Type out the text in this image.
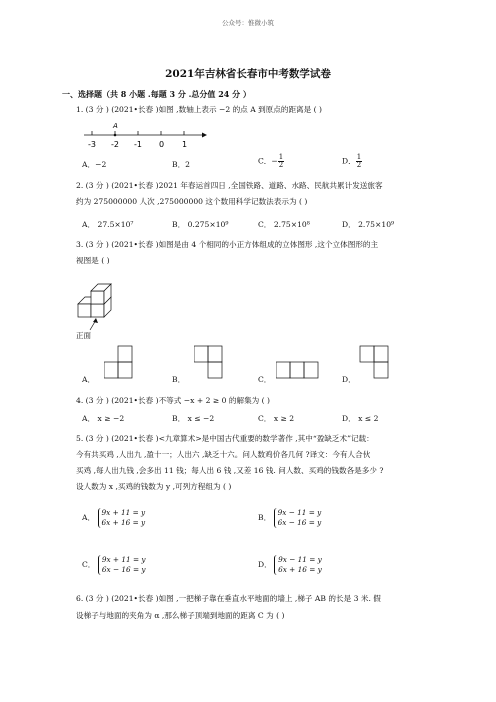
公众号：惟微小筑
2021年吉林省长春市中考数学试卷
一、选择题（共 8 小题 .每题 3 分 .总分值 24 分 ）
1. (3 分 ) (2021•长春 )如图 ,数轴上表示 −2 的点 A 到原点的距离是 ( )
A
-3 -2 -1 0 1
A．−2	B．2	C．− $\frac{1}{2}$	D． $\frac{1}{2}$
2. (3 分 ) (2021•长春 )2021 年春运首四日 ,全国铁路、道路、水路、民航共累计发送旅客
约为 275000000 人次 ,275000000 这个数用科学记数法表示为 ( )
A． 27.5×10⁷	B． 0.275×10⁹	C． 2.75×10⁸	D． 2.75×10⁹
3. (3 分 ) (2021•长春 )如图是由 4 个相同的小正方体组成的立体图形 ,这个立体图形的主
视图是 ( )
正面
A．	B．	C．	D．
4. (3 分 ) (2021•长春 )不等式 −x + 2 ≥ 0 的解集为 ( )
A． x ≥ −2	B． x ≤ −2	C． x ≥ 2	D． x ≤ 2
5. (3 分 ) (2021•长春 )<九章算术>是中国古代重要的数学著作 ,其中“盈缺乏术”记载：
今有共买鸡 ,人出九 ,盈十一；人出六 ,缺乏十六。问人数鸡价各几何 ?译文：今有人合伙
买鸡 ,每人出九钱 ,会多出 11 钱；每人出 6 钱 ,又差 16 钱. 问人数、买鸡的钱数各是多少 ?
设人数为 x ,买鸡的钱数为 y ,可列方程组为 ( )
A．
9x + 11 = y
6x + 16 = y
B．
9x − 11 = y
6x − 16 = y
C．
9x + 11 = y
6x − 16 = y
D．
9x − 11 = y
6x + 16 = y
6. (3 分 ) (2021•长春 )如图 ,一把梯子靠在垂直水平地面的墙上 ,梯子 AB 的长是 3 米. 假
设梯子与地面的夹角为 α ,那么梯子顶端到地面的距离 C 为 ( )
